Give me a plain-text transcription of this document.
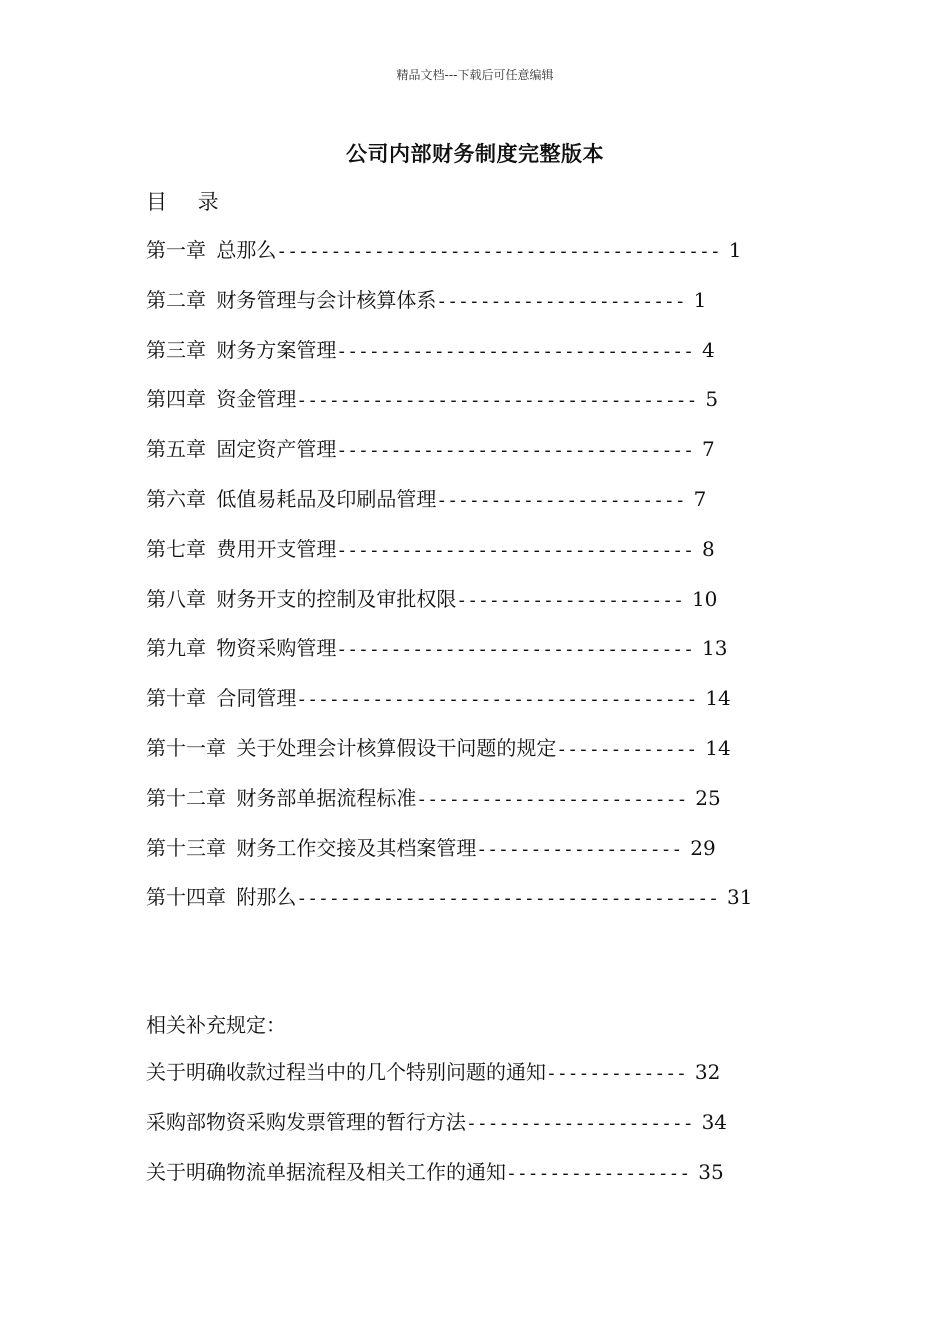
精品文档---下载后可任意编辑
公司内部财务制度完整版本
目 录
第一章 总那么----------------------------------------- 1
第二章 财务管理与会计核算体系----------------------- 1
第三章 财务方案管理--------------------------------- 4
第四章 资金管理------------------------------------- 5
第五章 固定资产管理--------------------------------- 7
第六章 低值易耗品及印刷品管理----------------------- 7
第七章 费用开支管理--------------------------------- 8
第八章 财务开支的控制及审批权限--------------------- 10
第九章 物资采购管理--------------------------------- 13
第十章 合同管理------------------------------------- 14
第十一章 关于处理会计核算假设干问题的规定------------- 14
第十二章 财务部单据流程标准------------------------- 25
第十三章 财务工作交接及其档案管理------------------- 29
第十四章 附那么--------------------------------------- 31
相关补充规定：
关于明确收款过程当中的几个特别问题的通知------------- 32
采购部物资采购发票管理的暂行方法--------------------- 34
关于明确物流单据流程及相关工作的通知----------------- 35
